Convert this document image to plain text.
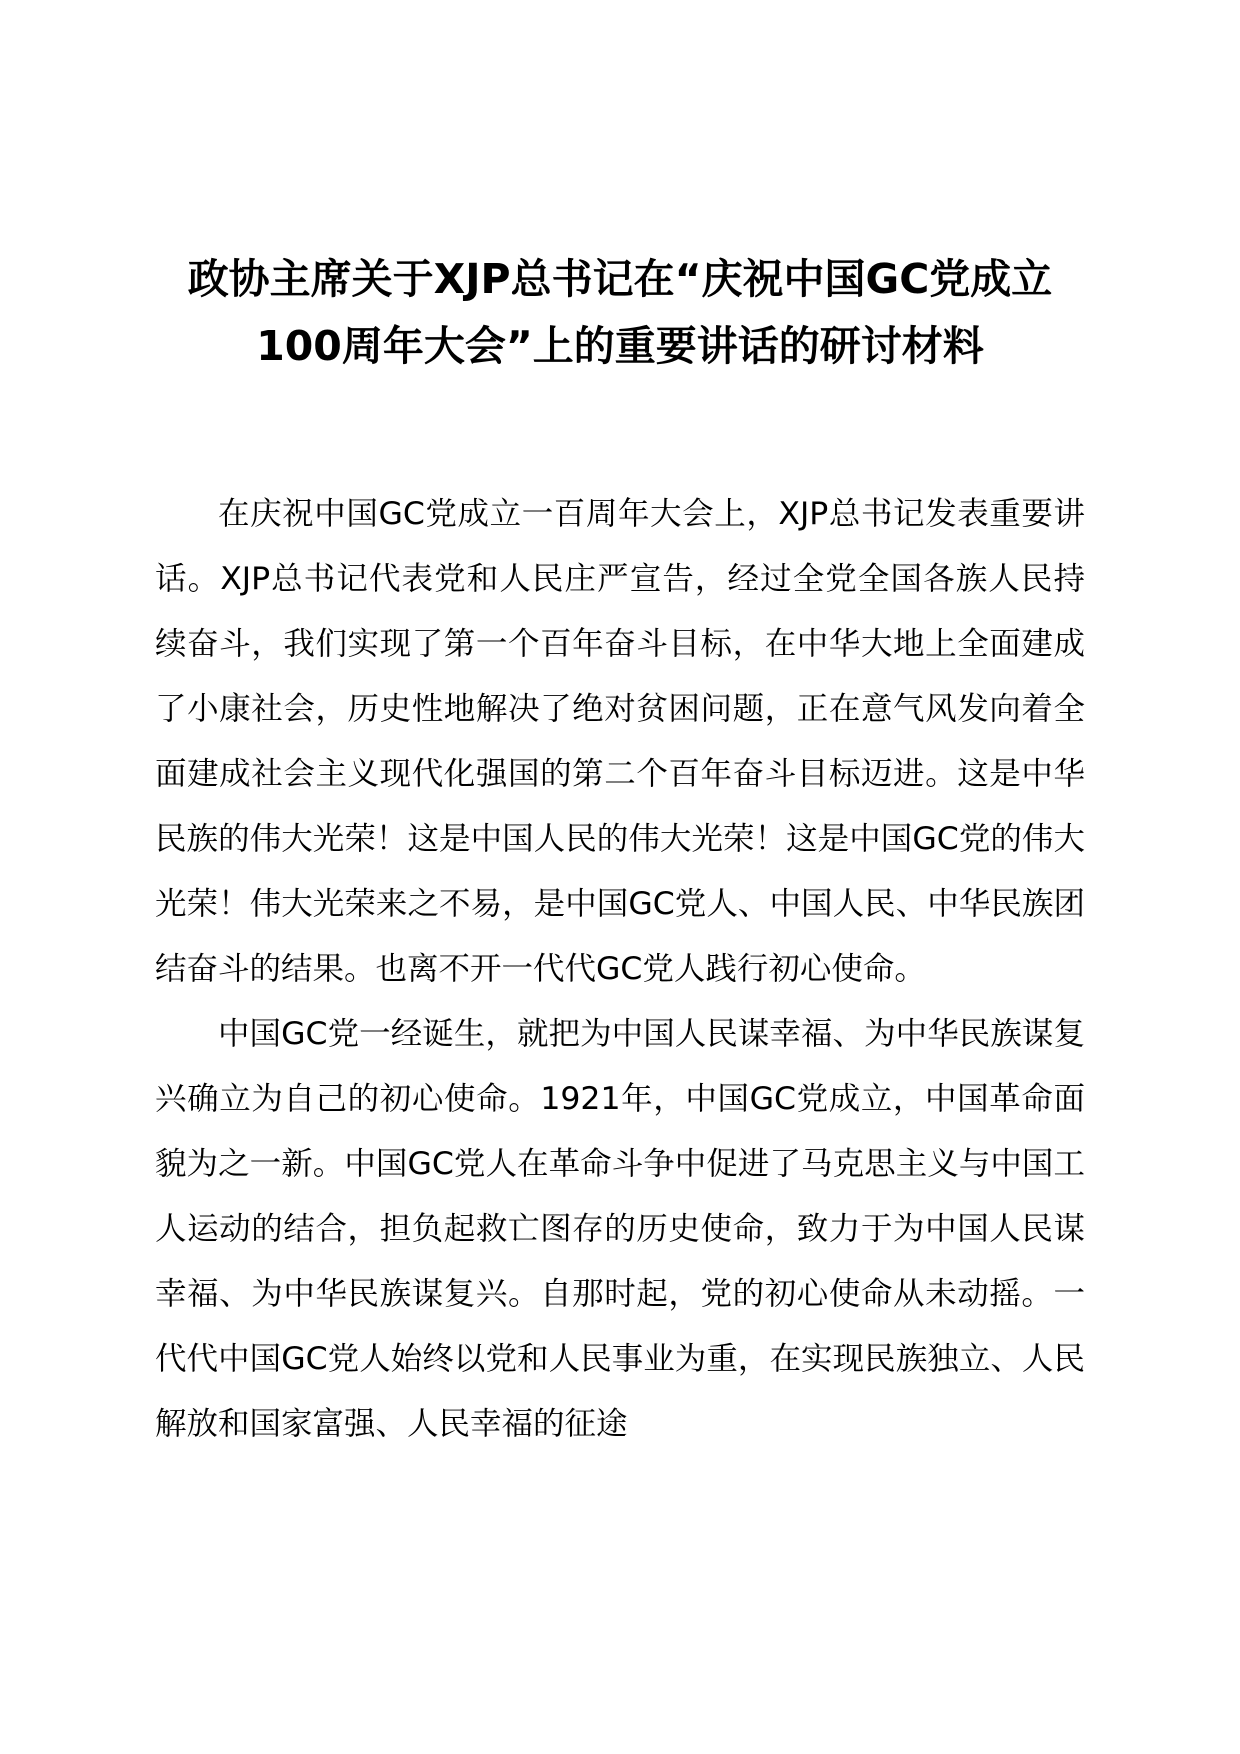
政协主席关于XJP总书记在“庆祝中国GC党成立100周年大会”上的重要讲话的研讨材料

在庆祝中国GC党成立一百周年大会上，XJP总书记发表重要讲话。XJP总书记代表党和人民庄严宣告，经过全党全国各族人民持续奋斗，我们实现了第一个百年奋斗目标，在中华大地上全面建成了小康社会，历史性地解决了绝对贫困问题，正在意气风发向着全面建成社会主义现代化强国的第二个百年奋斗目标迈进。这是中华民族的伟大光荣！这是中国人民的伟大光荣！这是中国GC党的伟大光荣！伟大光荣来之不易，是中国GC党人、中国人民、中华民族团结奋斗的结果。也离不开一代代GC党人践行初心使命。

中国GC党一经诞生，就把为中国人民谋幸福、为中华民族谋复兴确立为自己的初心使命。1921年，中国GC党成立，中国革命面貌为之一新。中国GC党人在革命斗争中促进了马克思主义与中国工人运动的结合，担负起救亡图存的历史使命，致力于为中国人民谋幸福、为中华民族谋复兴。自那时起，党的初心使命从未动摇。一代代中国GC党人始终以党和人民事业为重，在实现民族独立、人民解放和国家富强、人民幸福的征途
